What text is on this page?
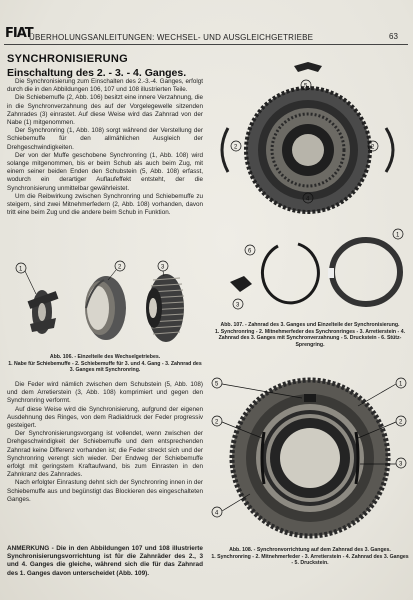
FIAT
ÜBERHOLUNGSANLEITUNGEN: WECHSEL- UND AUSGLEICHGETRIEBE	63
SYNCHRONISIERUNG
Einschaltung des 2. - 3. - 4. Ganges.

Die Synchronisierung zum Einschalten des 2.-3.-4. Ganges, erfolgt durch die in den Abbildungen 106, 107 und 108 illustrierten Teile.

Die Schiebemuffe (2, Abb. 106) besitzt eine innere Verzahnung, die in die Synchronverzahnung des auf der Vorgelegewelle sitzenden Zahnrades (3) einrastet. Auf diese Weise wird das Zahnrad von der Nabe (1) mitgenommen.

Der Synchronring (1, Abb. 108) sorgt während der Verstellung der Schiebemuffe für den allmählichen Ausgleich der Drehgeschwindigkeiten.

Der von der Muffe geschobene Synchronring (1, Abb. 108) wird solange mitgenommen, bis er beim Schub als auch beim Zug, mit einem seiner beiden Enden den Schubstein (5, Abb. 108) erfasst, wodurch ein derartiger Auflaufeffekt entsteht, der die Synchronisierung unmittelbar gewährleistet.

Um die Reibwirkung zwischen Synchronring und Schiebemuffe zu steigern, sind zwei Mitnehmerfedern (2, Abb. 108) vorhanden, davon tritt eine beim Zug und die andere beim Schub in Funktion.

1	2	3
Abb. 106. - Einzelteile des Wechselgetriebes.
1. Nabe für Schiebemuffe - 2. Schiebemuffe für 3. und 4. Gang - 3. Zahnrad des 3. Ganges mit Synchronring.

Die Feder wird nämlich zwischen dem Schubstein (5, Abb. 108) und dem Arretierstein (3, Abb. 108) komprimiert und gegen den Synchronring verformt.

Auf diese Weise wird die Synchronisierung, aufgrund der eigenen Ausdehnung des Ringes, von dem Radialdruck der Feder progressiv gesteigert.

Der Synchronisierungsvorgang ist vollendet, wenn zwischen der Drehgeschwindigkeit der Schiebemuffe und dem entsprechenden Zahnrad keine Differenz vorhanden ist; die Feder streckt sich und der Synchronring verengt sich wieder. Der Endweg der Schiebemuffe erfolgt mit geringstem Kraftaufwand, bis zum Einrasten in den Zahnkranz des Zahnrades.

Nach erfolgter Einrastung dehnt sich der Synchronring innen in der Schiebemuffe aus und begünstigt das Blockieren des eingeschalteten Ganges.

ANMERKUNG - Die in den Abbildungen 107 und 108 illustrierte Synchronisierungsvorrichtung ist für die Zahnräder des 2., 3 und 4. Ganges die gleiche, während sich die für das Zahnrad des 1. Ganges davon unterscheidet (Abb. 109).

5
2	2
4
6
3
1
Abb. 107. - Zahnrad des 3. Ganges und Einzelteile der Synchronisierung.
1. Synchronring - 2. Mitnehmerfeder des Synchronringes - 3. Arretierstein - 4. Zahnrad des 3. Ganges mit Synchronverzahnung - 5. Druckstein - 6. Stütz-Sprengring.
5	1
2	2
3
4
Abb. 108. - Synchronvorrichtung auf dem Zahnrad des 3. Ganges.
1. Synchronring - 2. Mitnehmerfeder - 3. Arretierstein - 4. Zahnrad des 3. Ganges - 5. Druckstein.
